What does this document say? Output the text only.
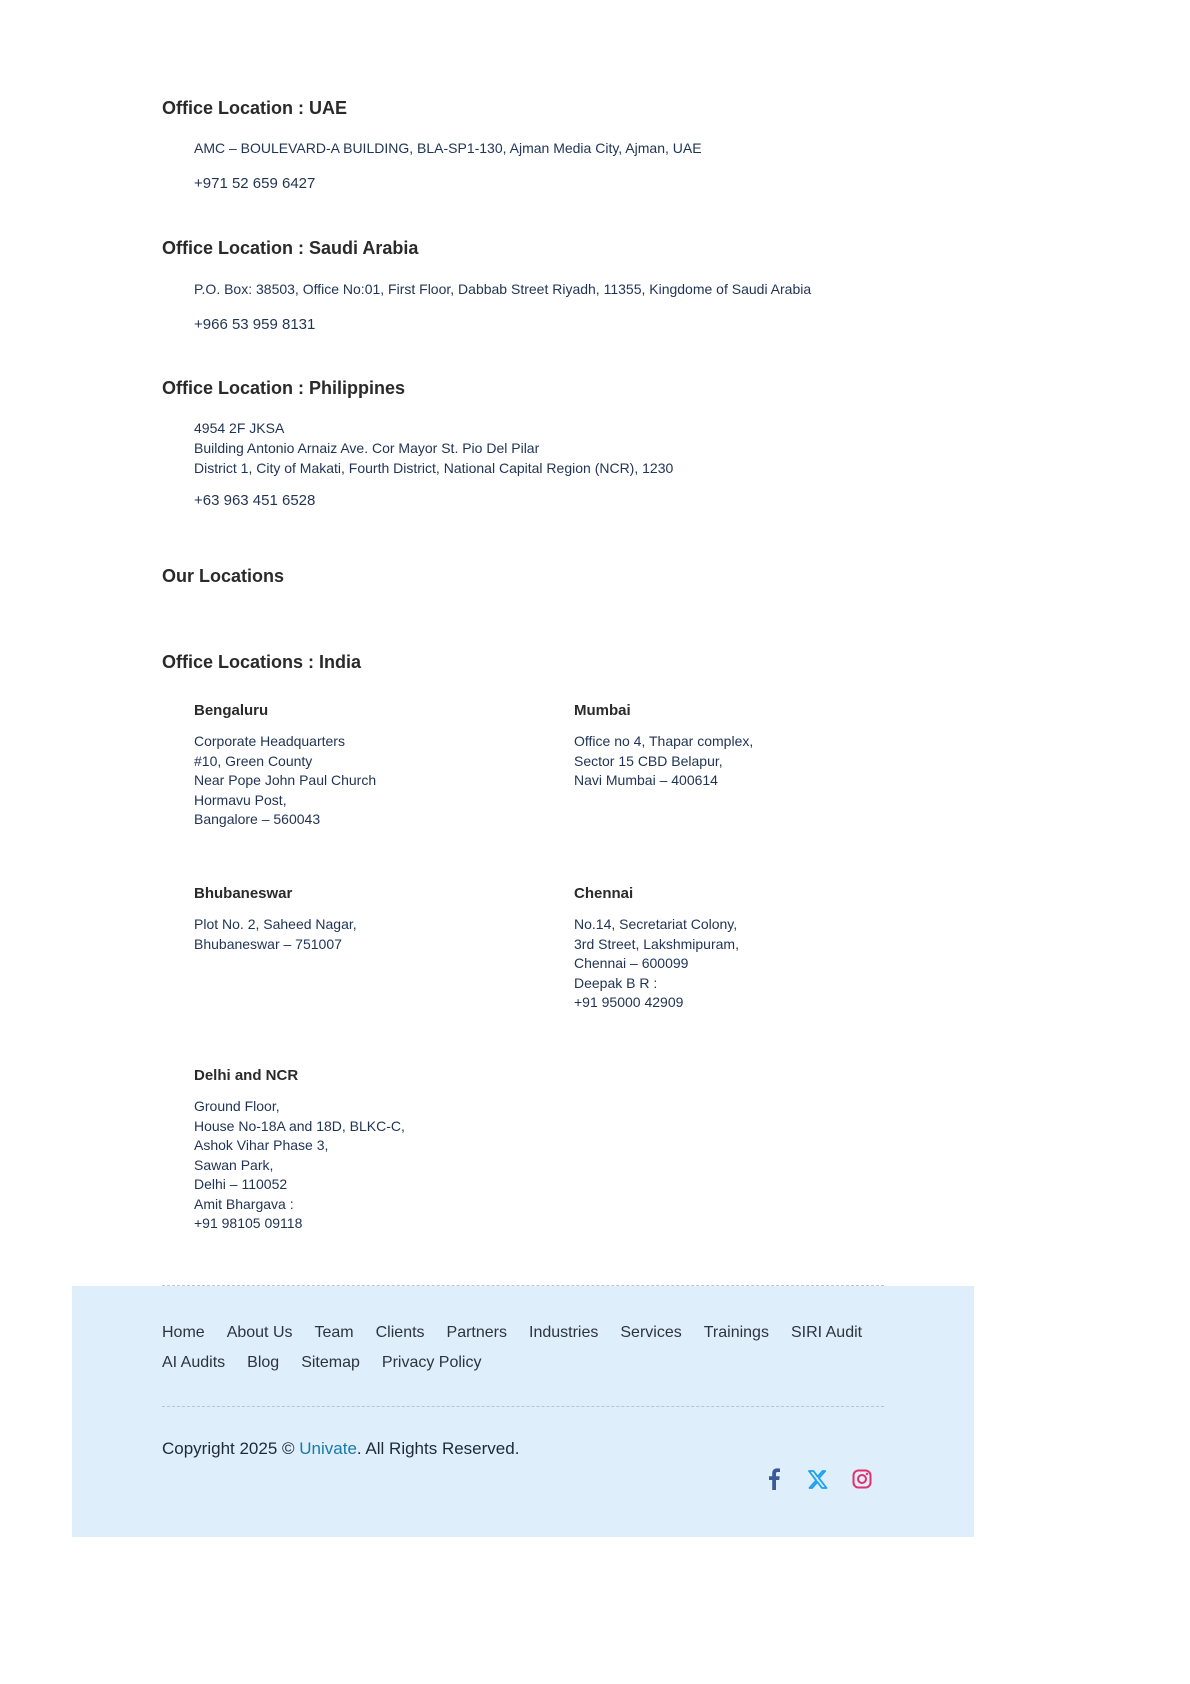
Office Location : UAE

AMC – BOULEVARD-A BUILDING, BLA-SP1-130, Ajman Media City, Ajman, UAE

+971 52 659 6427

Office Location : Saudi Arabia

P.O. Box: 38503, Office No:01, First Floor, Dabbab Street Riyadh, 11355, Kingdome of Saudi Arabia

+966 53 959 8131

Office Location : Philippines
4954 2F JKSA
Building Antonio Arnaiz Ave. Cor Mayor St. Pio Del Pilar
District 1, City of Makati, Fourth District, National Capital Region (NCR), 1230

+63 963 451 6528

Our Locations
Office Locations : India
Bengaluru
Corporate Headquarters
#10, Green County
Near Pope John Paul Church
Hormavu Post,
Bangalore – 560043
Mumbai
Office no 4, Thapar complex,
Sector 15 CBD Belapur,
Navi Mumbai – 400614
Bhubaneswar
Plot No. 2, Saheed Nagar,
Bhubaneswar – 751007
Chennai
No.14, Secretariat Colony,
3rd Street, Lakshmipuram,
Chennai – 600099
Deepak B R :
+91 95000 42909
Delhi and NCR
Ground Floor,
House No-18A and 18D, BLKC-C,
Ashok Vihar Phase 3,
Sawan Park,
Delhi – 110052
Amit Bhargava :
+91 98105 09118
Home About Us Team Clients Partners Industries Services Trainings SIRI Audit
AI Audits Blog Sitemap Privacy Policy

Copyright 2025 © Univate. All Rights Reserved.
